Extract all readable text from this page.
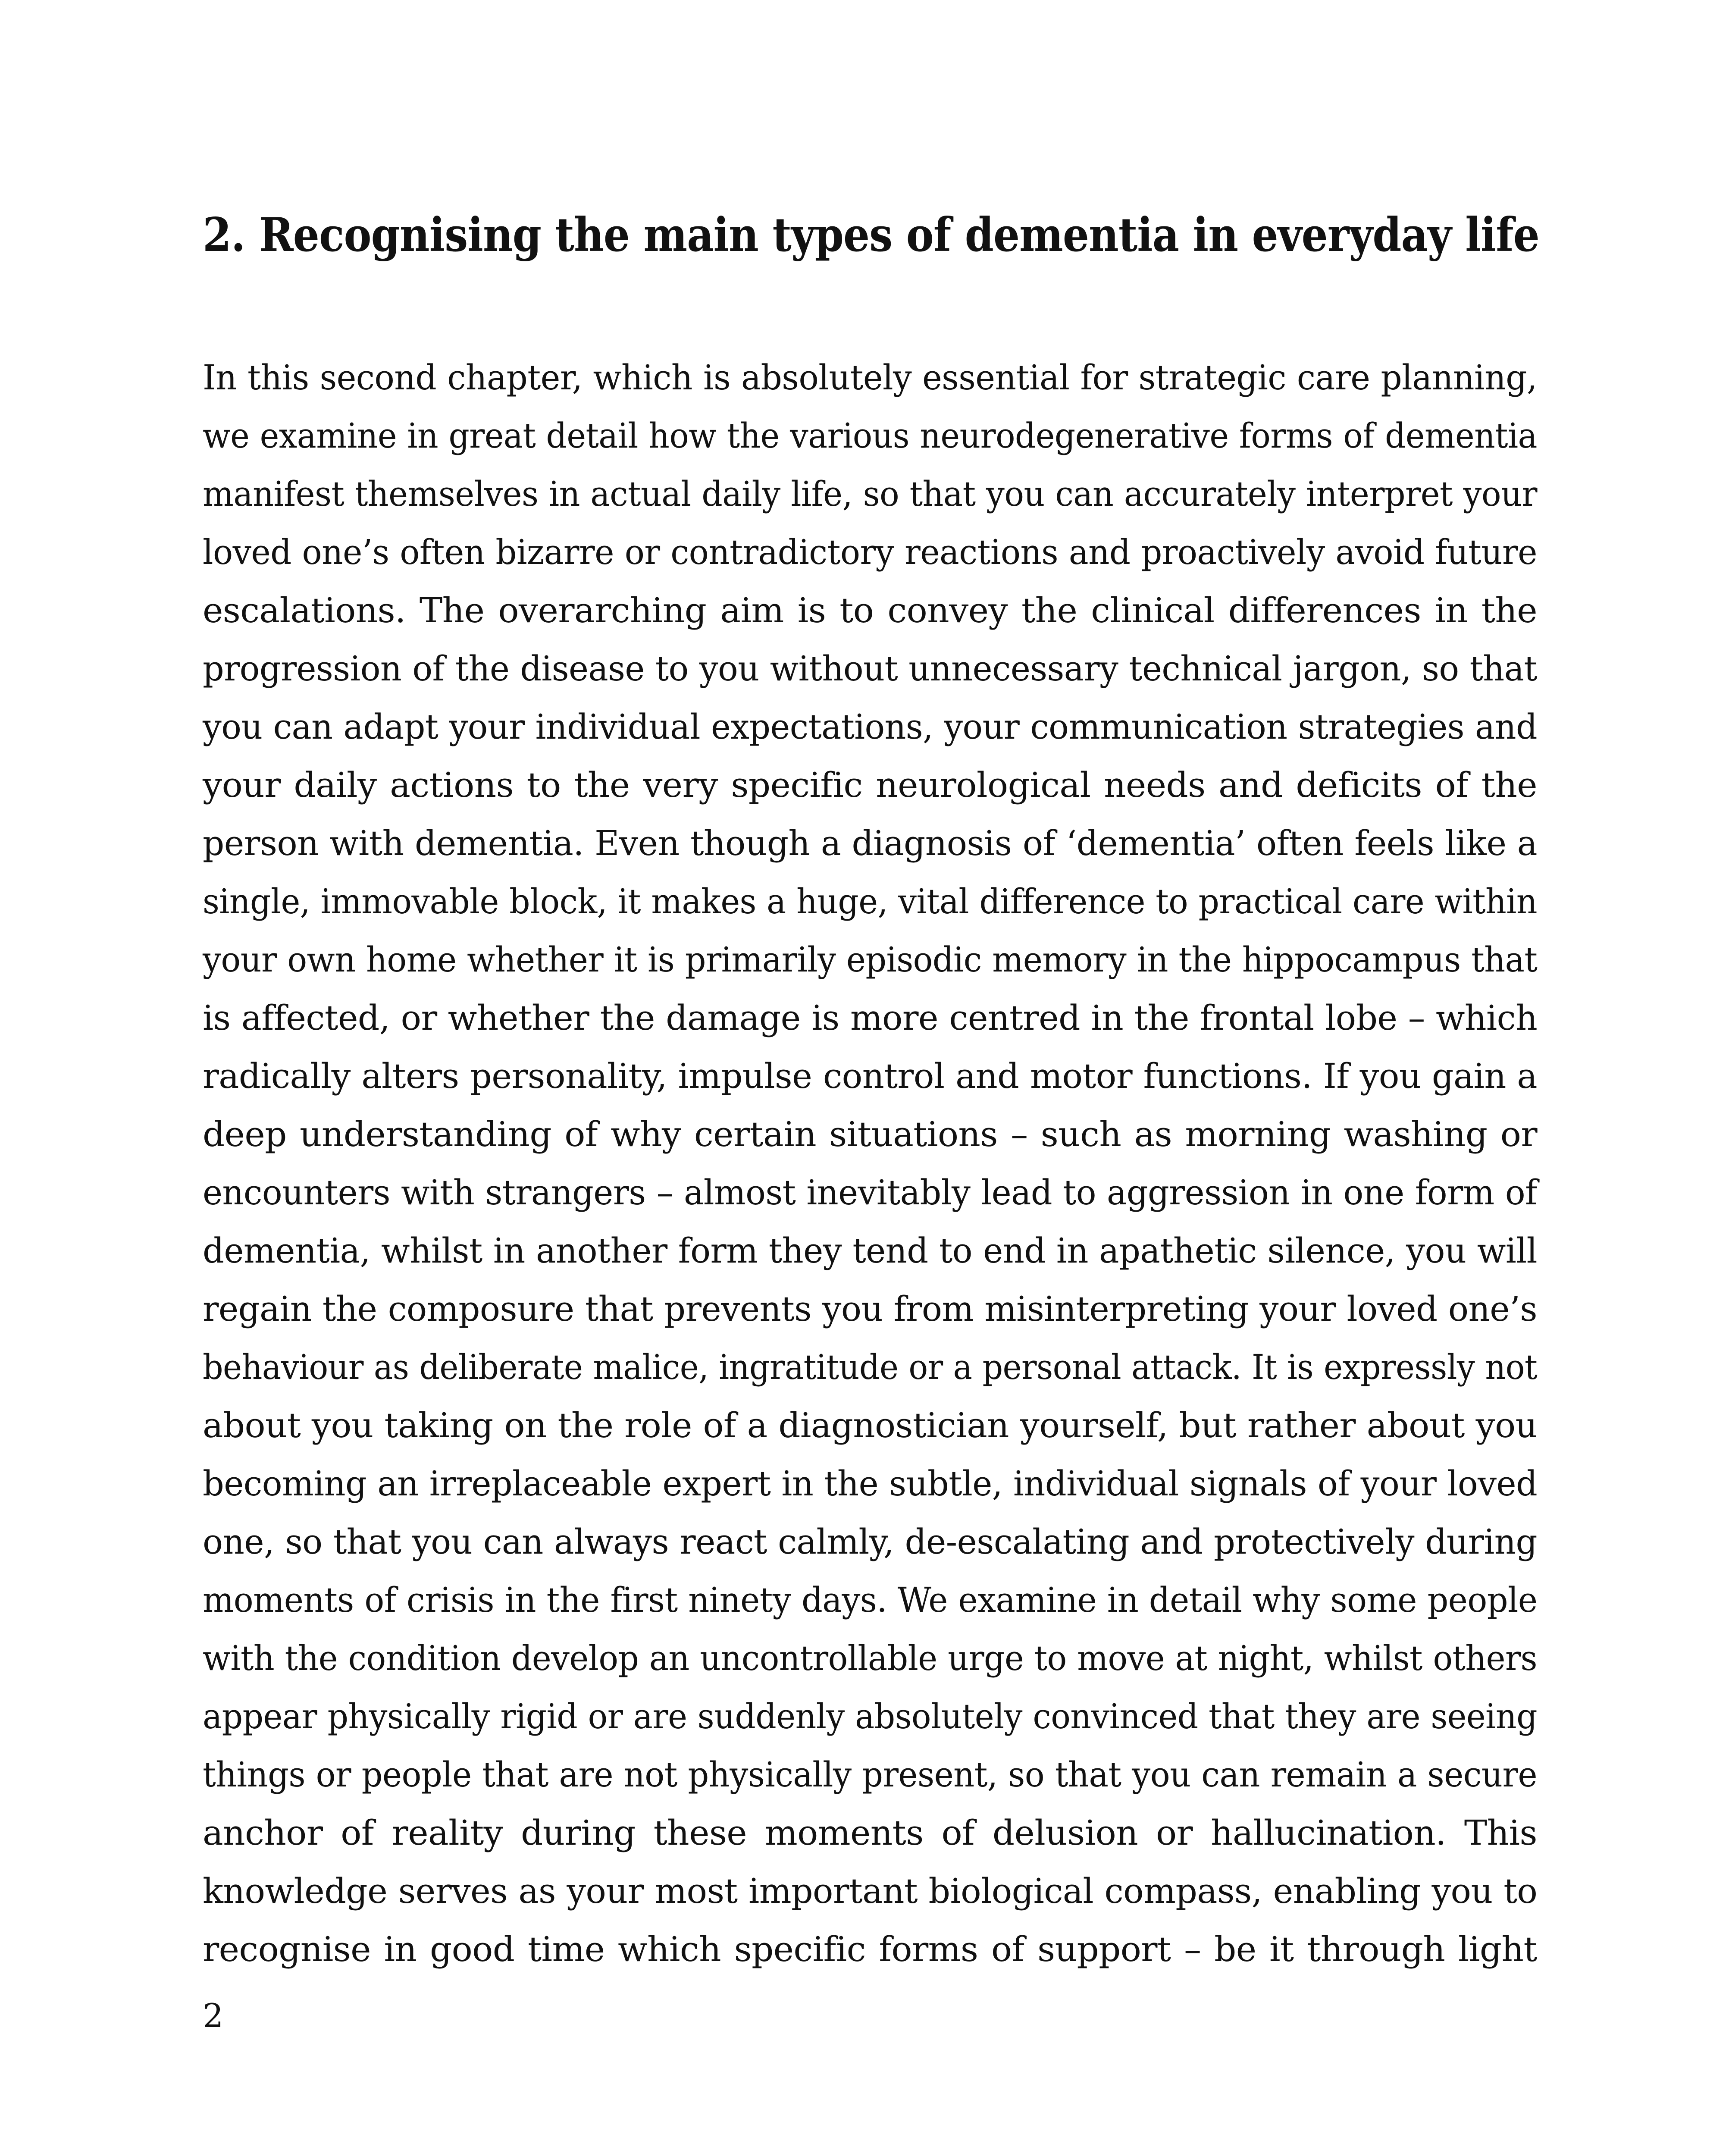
2. Recognising the main types of dementia in everyday life
In this second chapter, which is absolutely essential for strategic care planning,
we examine in great detail how the various neurodegenerative forms of dementia
manifest themselves in actual daily life, so that you can accurately interpret your
loved one’s often bizarre or contradictory reactions and proactively avoid future
escalations. The overarching aim is to convey the clinical differences in the
progression of the disease to you without unnecessary technical jargon, so that
you can adapt your individual expectations, your communication strategies and
your daily actions to the very specific neurological needs and deficits of the
person with dementia. Even though a diagnosis of ‘dementia’ often feels like a
single, immovable block, it makes a huge, vital difference to practical care within
your own home whether it is primarily episodic memory in the hippocampus that
is affected, or whether the damage is more centred in the frontal lobe – which
radically alters personality, impulse control and motor functions. If you gain a
deep understanding of why certain situations – such as morning washing or
encounters with strangers – almost inevitably lead to aggression in one form of
dementia, whilst in another form they tend to end in apathetic silence, you will
regain the composure that prevents you from misinterpreting your loved one’s
behaviour as deliberate malice, ingratitude or a personal attack. It is expressly not
about you taking on the role of a diagnostician yourself, but rather about you
becoming an irreplaceable expert in the subtle, individual signals of your loved
one, so that you can always react calmly, de-escalating and protectively during
moments of crisis in the first ninety days. We examine in detail why some people
with the condition develop an uncontrollable urge to move at night, whilst others
appear physically rigid or are suddenly absolutely convinced that they are seeing
things or people that are not physically present, so that you can remain a secure
anchor of reality during these moments of delusion or hallucination. This
knowledge serves as your most important biological compass, enabling you to
recognise in good time which specific forms of support – be it through light
2
